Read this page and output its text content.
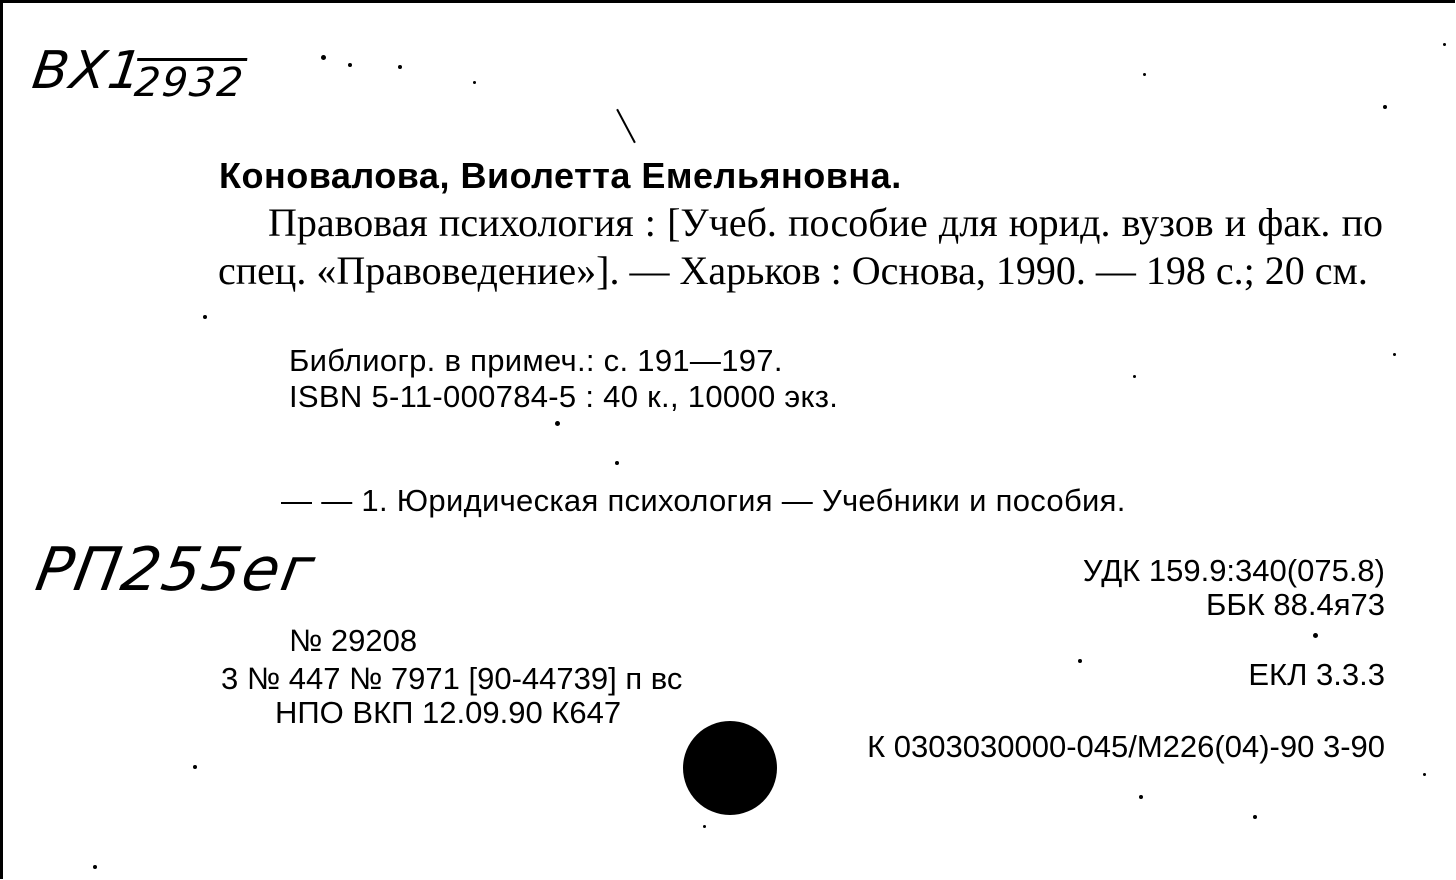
BX1
2932
Коновалова, Виолетта Емельяновна.
Правовая психология : [Учеб. пособие для юрид. вузов и фак. по спец. «Правоведение»]. — Харьков : Основа, 1990. — 198 с.; 20 см.
Библиогр. в примеч.: с. 191—197.
ISBN 5-11-000784-5 : 40 к., 10000 экз.
— — 1. Юридическая психология — Учебники и пособия.
РП255ег	УДК 159.9:340(075.8)
ББК 88.4я73
ЕКЛ 3.3.3
К 0303030000-045/М226(04)-90 3-90
№ 29208
3 № 447 № 7971 [90-44739] п вс
НПО ВКП 12.09.90 К647
